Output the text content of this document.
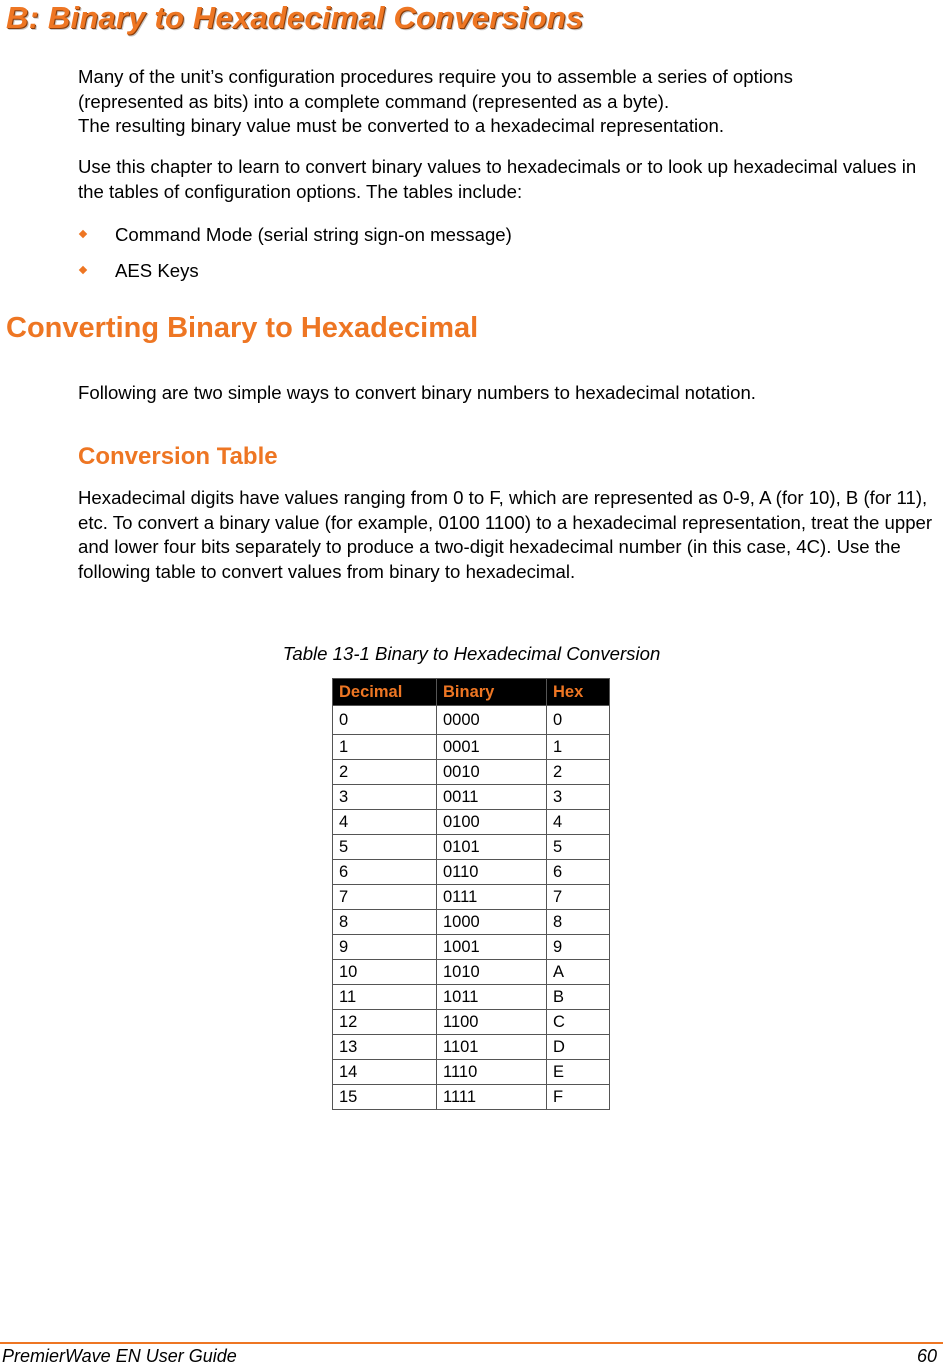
B: Binary to Hexadecimal Conversions
Many of the unit’s configuration procedures require you to assemble a series of options
(represented as bits) into a complete command (represented as a byte).
The resulting binary value must be converted to a hexadecimal representation.

Use this chapter to learn to convert binary values to hexadecimals or to look up hexadecimal values in the tables of configuration options. The tables include:

Command Mode (serial string sign-on message)
AES Keys
Converting Binary to Hexadecimal

Following are two simple ways to convert binary numbers to hexadecimal notation.

Conversion Table

Hexadecimal digits have values ranging from 0 to F, which are represented as 0-9, A (for 10), B (for 11), etc. To convert a binary value (for example, 0100 1100) to a hexadecimal representation, treat the upper and lower four bits separately to produce a two-digit hexadecimal number (in this case, 4C). Use the following table to convert values from binary to hexadecimal.

Table 13-1 Binary to Hexadecimal Conversion
Decimal	Binary	Hex
0	0000	0
1	0001	1
2	0010	2
3	0011	3
4	0100	4
5	0101	5
6	0110	6
7	0111	7
8	1000	8
9	1001	9
10	1010	A
11	1011	B
12	1100	C
13	1101	D
14	1110	E
15	1111	F
PremierWave EN User Guide	60
